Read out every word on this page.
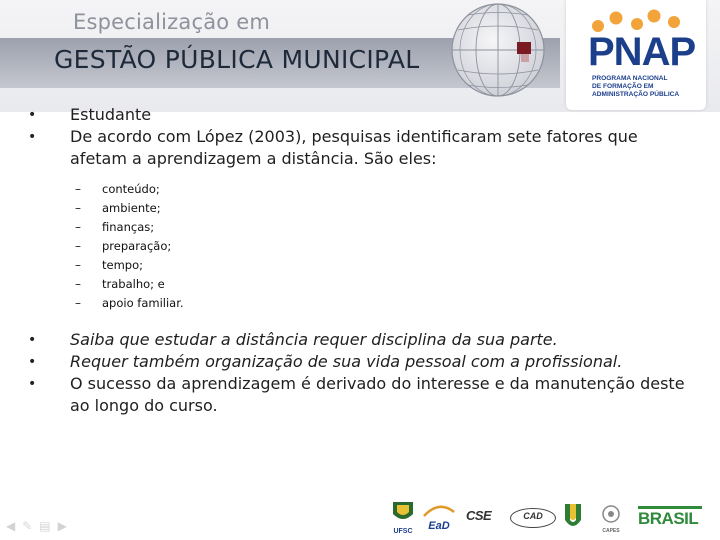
Especialização em
GESTÃO PÚBLICA MUNICIPAL	PNAP
PROGRAMA NACIONAL
DE FORMAÇÃO EM
ADMINISTRAÇÃO PÚBLICA
• Estudante
• De acordo com López (2003), pesquisas identificaram sete fatores que afetam a aprendizagem a distância. São eles:
– conteúdo;
– ambiente;
– finanças;
– preparação;
– tempo;
– trabalho; e
– apoio familiar.
• Saiba que estudar a distância requer disciplina da sua parte.
• Requer também organização de sua vida pessoal com a profissional.
• O sucesso da aprendizagem é derivado do interesse e da manutenção deste ao longo do curso.
◀ ✎ ▤ ▶	UFSC	EaD
CSE	CAD
CAPES
BRASIL
